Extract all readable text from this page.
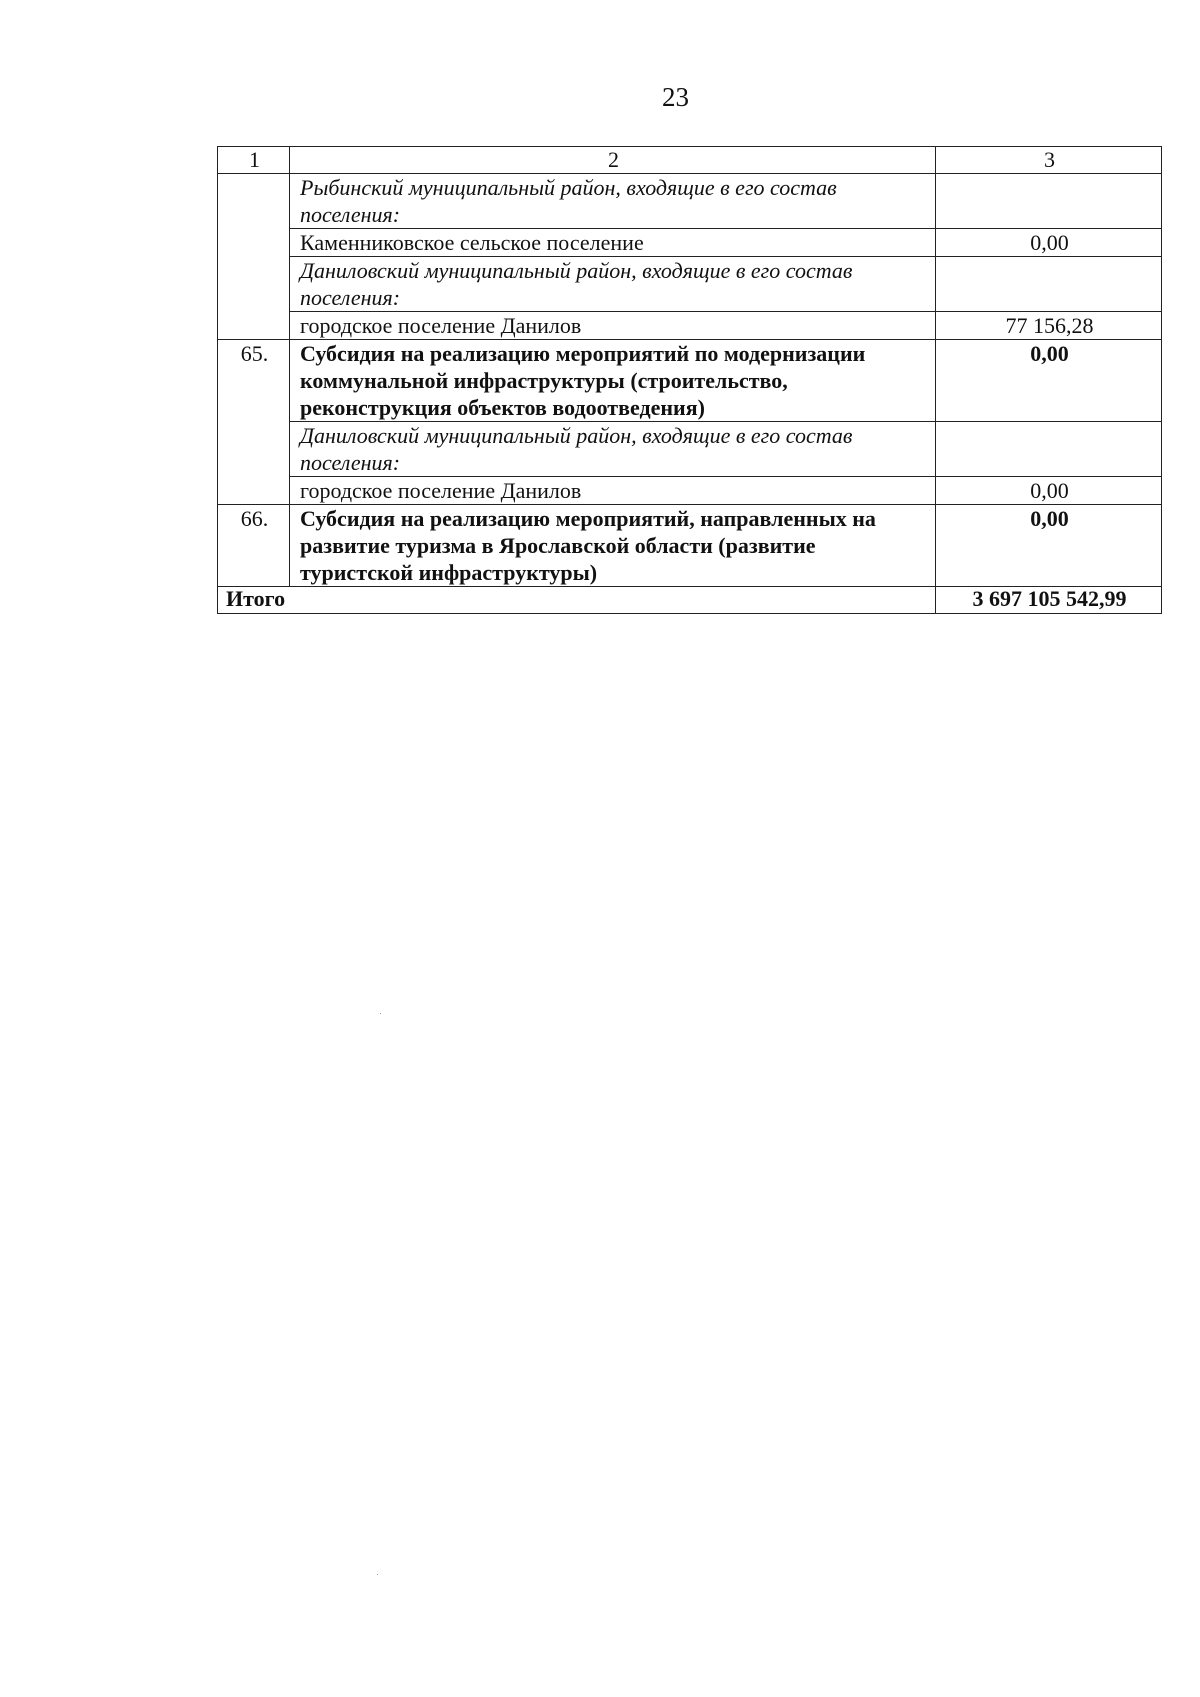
23
1	2	3
	Рыбинский муниципальный район, входящие в его состав поселения:	
	Каменниковское сельское поселение	0,00
	Даниловский муниципальный район, входящие в его состав поселения:	
	городское поселение Данилов	77 156,28
65.	Субсидия на реализацию мероприятий по модернизации коммунальной инфраструктуры (строительство, реконструкция объектов водоотведения)	0,00
	Даниловский муниципальный район, входящие в его состав поселения:	
	городское поселение Данилов	0,00
66.	Субсидия на реализацию мероприятий, направленных на развитие туризма в Ярославской области (развитие туристской инфраструктуры)	0,00
Итого		3 697 105 542,99
